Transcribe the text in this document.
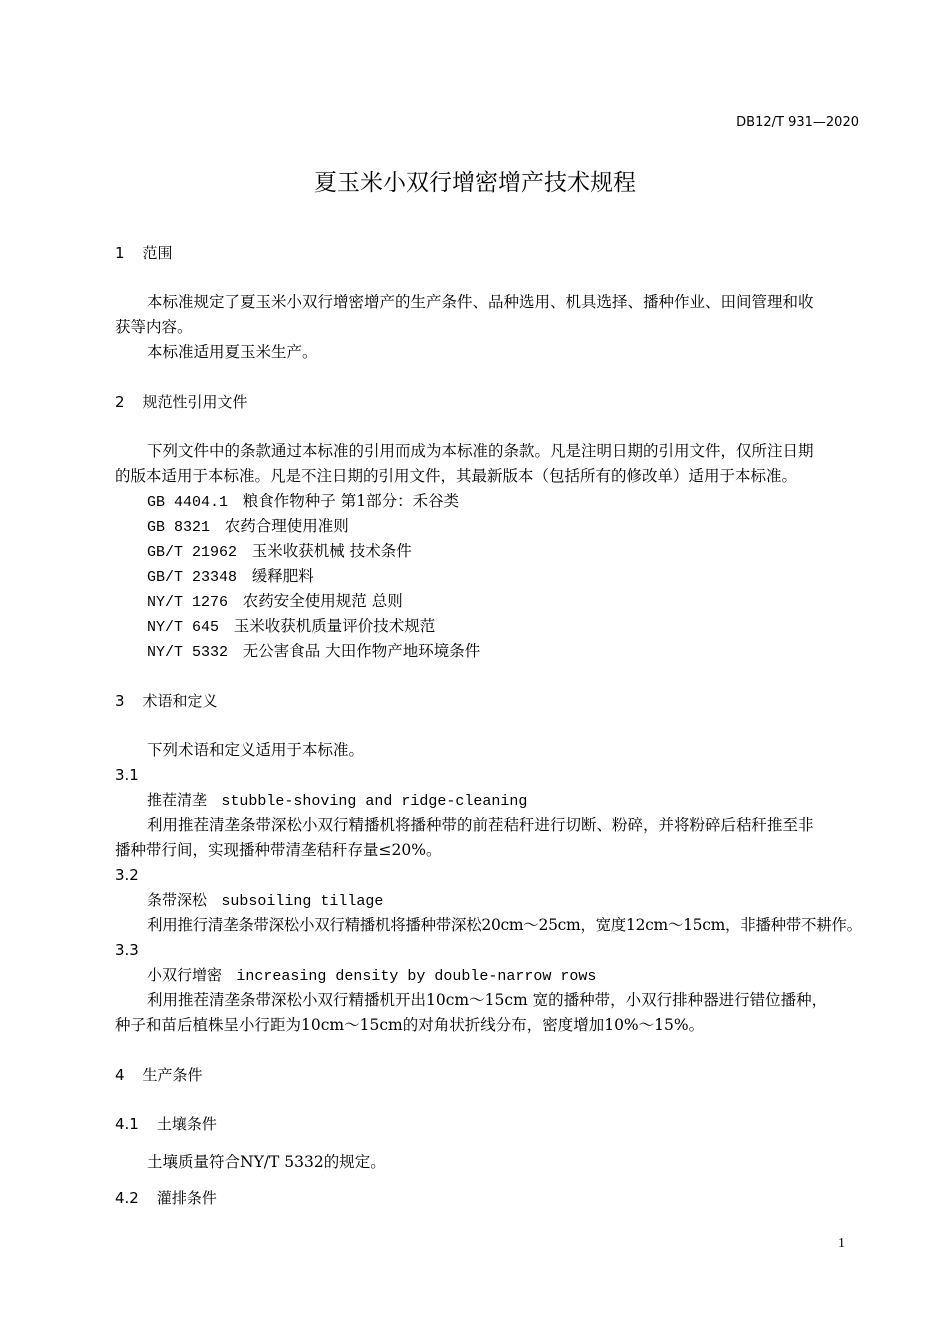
DB12/T 931—2020
夏玉米小双行增密增产技术规程
1 范围
本标准规定了夏玉米小双行增密增产的生产条件、品种选用、机具选择、播种作业、田间管理和收
获等内容。
本标准适用夏玉米生产。
2 规范性引用文件
下列文件中的条款通过本标准的引用而成为本标准的条款。凡是注明日期的引用文件，仅所注日期
的版本适用于本标准。凡是不注日期的引用文件，其最新版本（包括所有的修改单）适用于本标准。
GB 4404.1 粮食作物种子 第1部分：禾谷类
GB 8321 农药合理使用准则
GB/T 21962 玉米收获机械 技术条件
GB/T 23348 缓释肥料
NY/T 1276 农药安全使用规范 总则
NY/T 645 玉米收获机质量评价技术规范
NY/T 5332 无公害食品 大田作物产地环境条件
3 术语和定义
下列术语和定义适用于本标准。
3.1
推茬清垄 stubble-shoving and ridge-cleaning
利用推茬清垄条带深松小双行精播机将播种带的前茬秸秆进行切断、粉碎，并将粉碎后秸秆推至非
播种带行间，实现播种带清垄秸秆存量≤20%。
3.2
条带深松 subsoiling tillage
利用推行清垄条带深松小双行精播机将播种带深松20cm～25cm，宽度12cm～15cm，非播种带不耕作。
3.3
小双行增密 increasing density by double-narrow rows
利用推茬清垄条带深松小双行精播机开出10cm～15cm 宽的播种带，小双行排种器进行错位播种，
种子和苗后植株呈小行距为10cm～15cm的对角状折线分布，密度增加10%～15%。
4 生产条件
4.1 土壤条件
土壤质量符合NY/T 5332的规定。
4.2 灌排条件
1
